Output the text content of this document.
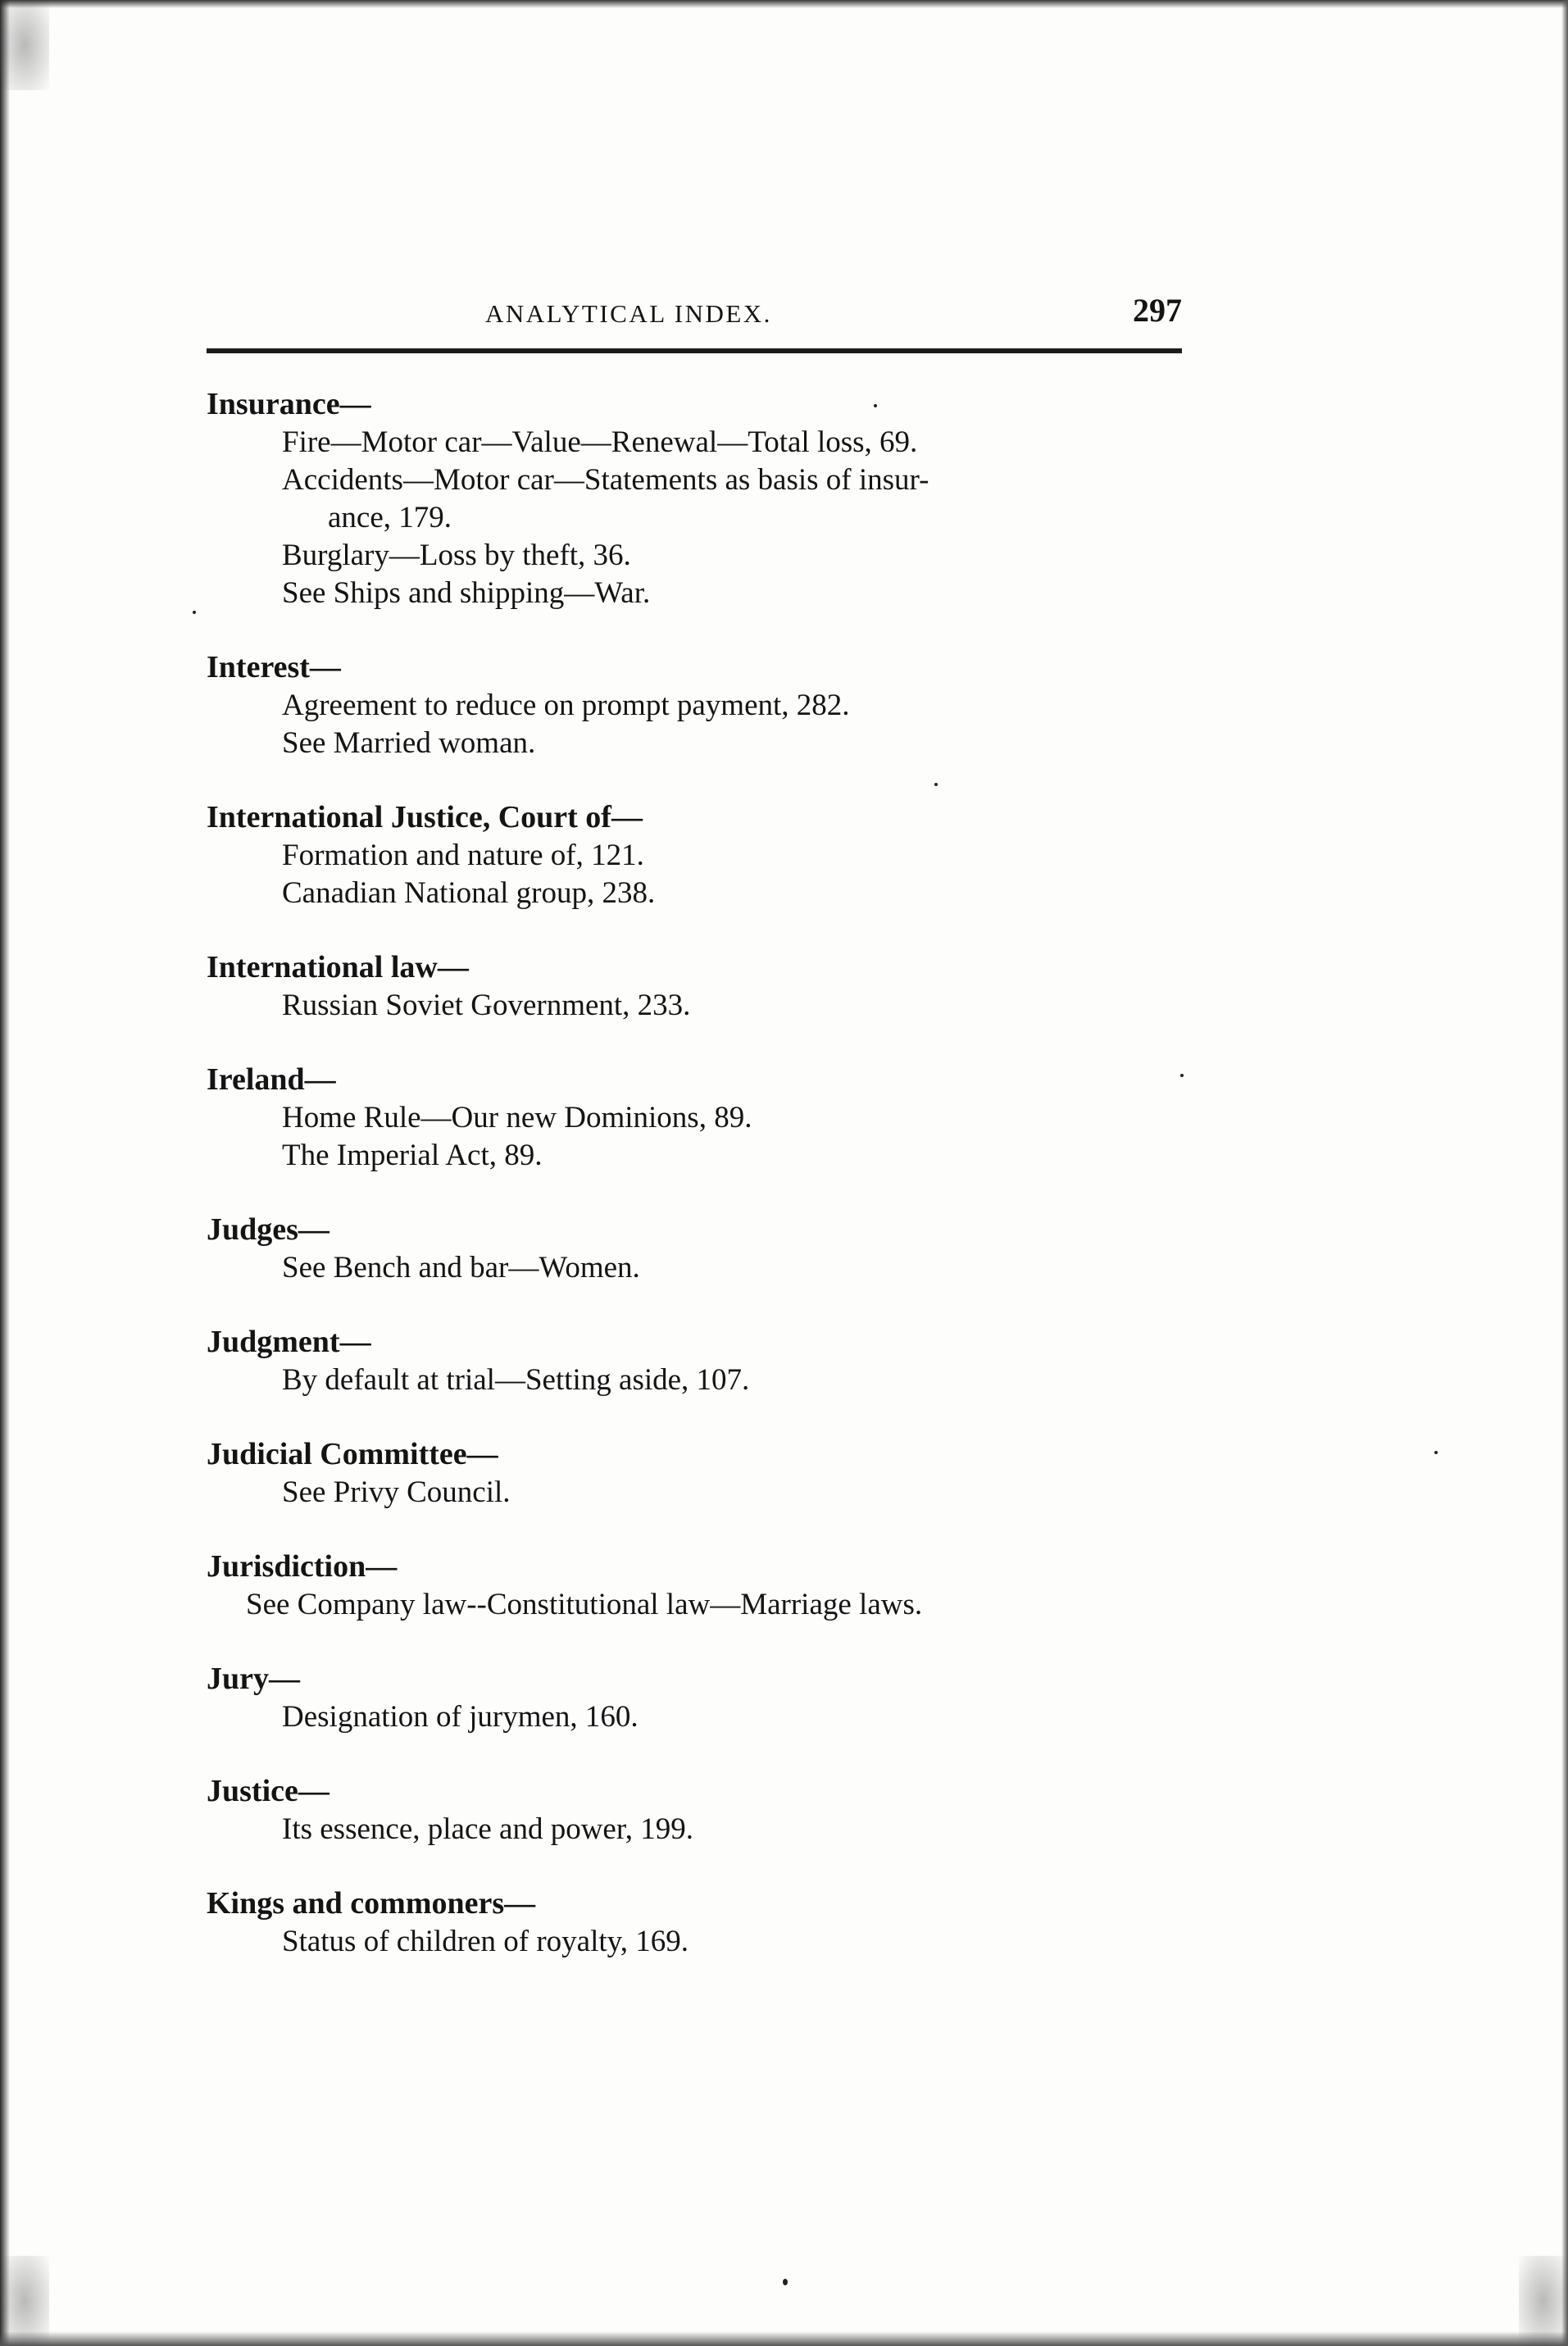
ANALYTICAL INDEX.	297
Insurance—
Fire—Motor car—Value—Renewal—Total loss, 69.
Accidents—Motor car—Statements as basis of insur-
ance, 179.
Burglary—Loss by theft, 36.
See Ships and shipping—War.
Interest—
Agreement to reduce on prompt payment, 282.
See Married woman.
International Justice, Court of—
Formation and nature of, 121.
Canadian National group, 238.
International law—
Russian Soviet Government, 233.
Ireland—
Home Rule—Our new Dominions, 89.
The Imperial Act, 89.
Judges—
See Bench and bar—Women.
Judgment—
By default at trial—Setting aside, 107.
Judicial Committee—
See Privy Council.
Jurisdiction—
See Company law--Constitutional law—Marriage laws.
Jury—
Designation of jurymen, 160.
Justice—
Its essence, place and power, 199.
Kings and commoners—
Status of children of royalty, 169.
